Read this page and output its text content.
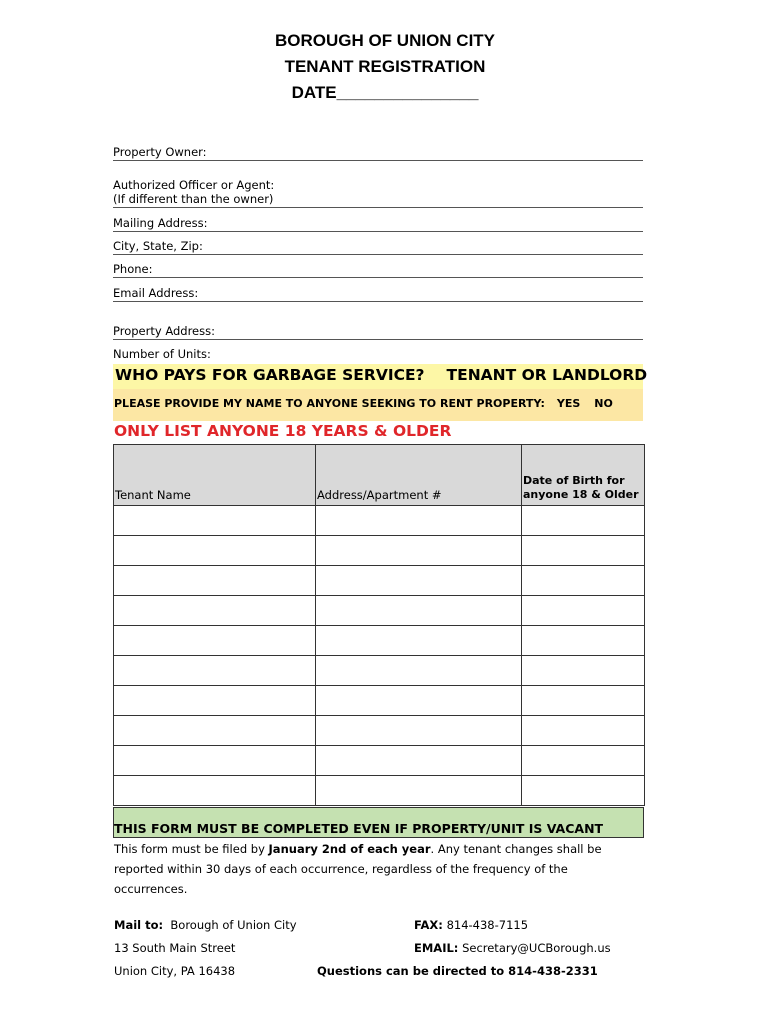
BOROUGH OF UNION CITY
TENANT REGISTRATION
DATE_______________
Property Owner:
Authorized Officer or Agent:
(If different than the owner)
Mailing Address:
City, State, Zip:
Phone:
Email Address:
Property Address:
Number of Units:
WHO PAYS FOR GARBAGE SERVICE? TENANT OR LANDLORD
PLEASE PROVIDE MY NAME TO ANYONE SEEKING TO RENT PROPERTY: YES NO
ONLY LIST ANYONE 18 YEARS & OLDER
Tenant Name	Address/Apartment #	Date of Birth for
anyone 18 & Older

THIS FORM MUST BE COMPLETED EVEN IF PROPERTY/UNIT IS VACANT
This form must be filed by January 2nd of each year. Any tenant changes shall be reported within 30 days of each occurrence, regardless of the frequency of the occurrences.
Mail to: Borough of Union City
13 South Main Street
Union City, PA 16438
FAX: 814-438-7115
EMAIL: Secretary@UCBorough.us
Questions can be directed to 814-438-2331
